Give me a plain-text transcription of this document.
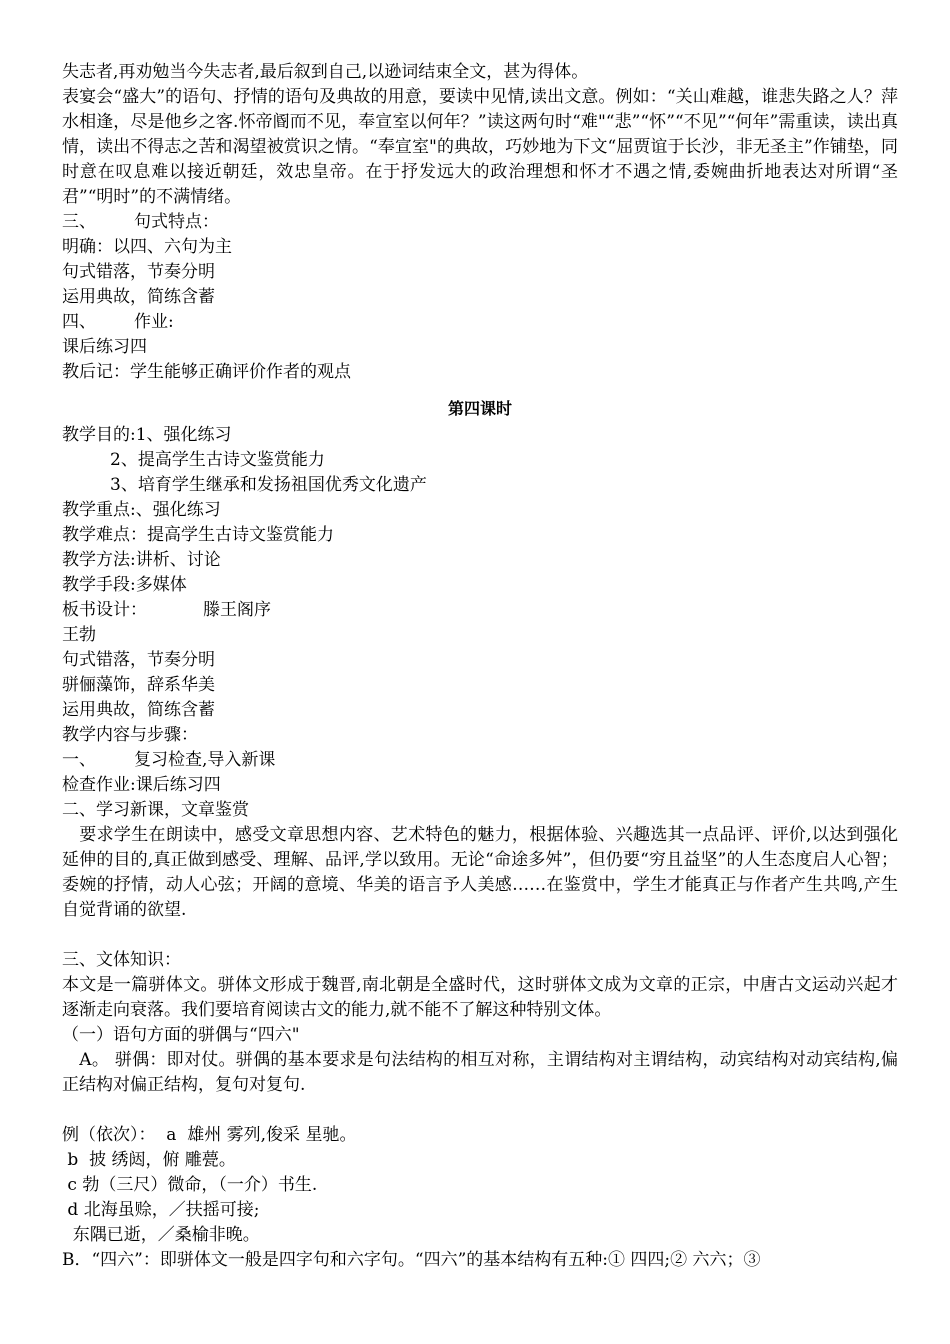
失志者,再劝勉当今失志者,最后叙到自己,以逊词结束全文，甚为得体。
表宴会“盛大”的语句、抒情的语句及典故的用意，要读中见情,读出文意。例如：“关山难越，谁悲失路之人？萍水相逢，尽是他乡之客.怀帝阍而不见，奉宣室以何年？”读这两句时“难"“悲”“怀”“不见”“何年”需重读，读出真情，读出不得志之苦和渴望被赏识之情。“奉宣室"的典故，巧妙地为下文“屈贾谊于长沙，非无圣主”作铺垫，同时意在叹息难以接近朝廷，效忠皇帝。在于抒发远大的政治理想和怀才不遇之情,委婉曲折地表达对所谓“圣君”“明时”的不满情绪。
三、 句式特点：
明确：以四、六句为主
句式错落，节奏分明
运用典故，简练含蓄
四、 作业:
课后练习四
教后记：学生能够正确评价作者的观点
第四课时
教学目的:1、强化练习
2、提高学生古诗文鉴赏能力
3、培育学生继承和发扬祖国优秀文化遗产
教学重点:、强化练习
教学难点：提高学生古诗文鉴赏能力
教学方法:讲析、讨论
教学手段:多媒体
板书设计：	滕王阁序
王勃
句式错落，节奏分明
骈俪藻饰，辞系华美
运用典故，简练含蓄
教学内容与步骤：
一、 复习检查,导入新课
检查作业:课后练习四
二、学习新课，文章鉴赏
　要求学生在朗读中，感受文章思想内容、艺术特色的魅力，根据体验、兴趣选其一点品评、评价,以达到强化延伸的目的,真正做到感受、理解、品评,学以致用。无论“命途多舛”，但仍要“穷且益坚”的人生态度启人心智；委婉的抒情，动人心弦；开阔的意境、华美的语言予人美感……在鉴赏中，学生才能真正与作者产生共鸣,产生自觉背诵的欲望.
三、文体知识：
本文是一篇骈体文。骈体文形成于魏晋,南北朝是全盛时代，这时骈体文成为文章的正宗，中唐古文运动兴起才逐渐走向衰落。我们要培育阅读古文的能力,就不能不了解这种特别文体。
（一）语句方面的骈偶与“四六"
　A。 骈偶：即对仗。骈偶的基本要求是句法结构的相互对称，主谓结构对主谓结构，动宾结构对动宾结构,偏正结构对偏正结构，复句对复句.
例（依次）：  a  雄州 雾列,俊采 星驰。
b  披 绣闼，俯 雕甍。
c 勃（三尺）微命，（一介）书生.
d 北海虽赊，／扶摇可接;
东隅已逝，／桑榆非晚。
B．“四六”：即骈体文一般是四字句和六字句。“四六”的基本结构有五种:① 四四;② 六六；③
